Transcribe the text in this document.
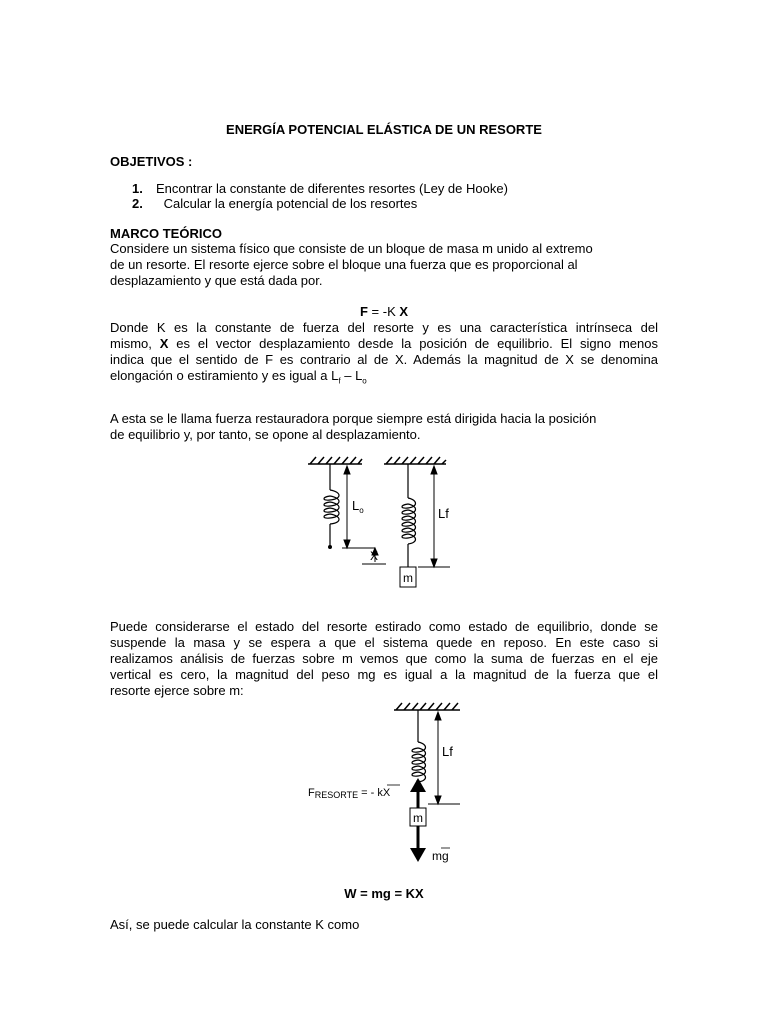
ENERGÍA POTENCIAL ELÁSTICA DE UN RESORTE
OBJETIVOS :
1. Encontrar la constante de diferentes resortes (Ley de Hooke)
2. Calcular la energía potencial de los resortes
MARCO TEÓRICO
Considere un sistema físico que consiste de un bloque de masa m unido al extremo
de un resorte. El resorte ejerce sobre el bloque una fuerza que es proporcional al
desplazamiento y que está dada por.
F = -K X
Donde K es la constante de fuerza del resorte y es una característica intrínseca del
mismo, X es el vector desplazamiento desde la posición de equilibrio. El signo menos
indica que el sentido de F es contrario al de X. Además la magnitud de X se denomina
elongación o estiramiento y es igual a $L_f - L_o$
A esta se le llama fuerza restauradora porque siempre está dirigida hacia la posición
de equilibrio y, por tanto, se opone al desplazamiento.
$L_o$
X
m
Lf
Puede considerarse el estado del resorte estirado como estado de equilibrio, donde se
suspende la masa y se espera a que el sistema quede en reposo. En este caso si
realizamos análisis de fuerzas sobre m vemos que como la suma de fuerzas en el eje
vertical es cero, la magnitud del peso mg es igual a la magnitud de la fuerza que el
resorte ejerce sobre m:
m
Lf
FRESORTE = - kX
mg
W = mg = KX
Así, se puede calcular la constante K como
